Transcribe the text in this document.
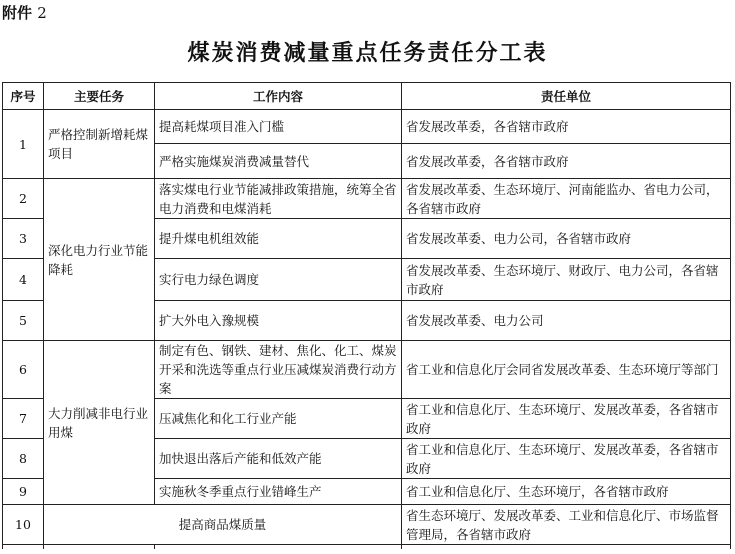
附件 2
煤炭消费减量重点任务责任分工表
序号	主要任务	工作内容	责任单位
1	严格控制新增耗煤项目	提高耗煤项目准入门槛	省发展改革委，各省辖市政府
		严格实施煤炭消费减量替代	省发展改革委，各省辖市政府
2	深化电力行业节能降耗	落实煤电行业节能减排政策措施，统筹全省电力消费和电煤消耗	省发展改革委、生态环境厅、河南能监办、省电力公司，各省辖市政府
3		提升煤电机组效能	省发展改革委、电力公司，各省辖市政府
4		实行电力绿色调度	省发展改革委、生态环境厅、财政厅、电力公司，各省辖市政府
5		扩大外电入豫规模	省发展改革委、电力公司
6	大力削减非电行业用煤	制定有色、钢铁、建材、焦化、化工、煤炭开采和洗选等重点行业压减煤炭消费行动方案	省工业和信息化厅会同省发展改革委、生态环境厅等部门
7		压减焦化和化工行业产能	省工业和信息化厅、生态环境厅、发展改革委，各省辖市政府
8		加快退出落后产能和低效产能	省工业和信息化厅、生态环境厅、发展改革委，各省辖市政府
9		实施秋冬季重点行业错峰生产	省工业和信息化厅、生态环境厅，各省辖市政府
10	提高商品煤质量		省生态环境厅、发展改革委、工业和信息化厅、市场监督管理局，各省辖市政府
